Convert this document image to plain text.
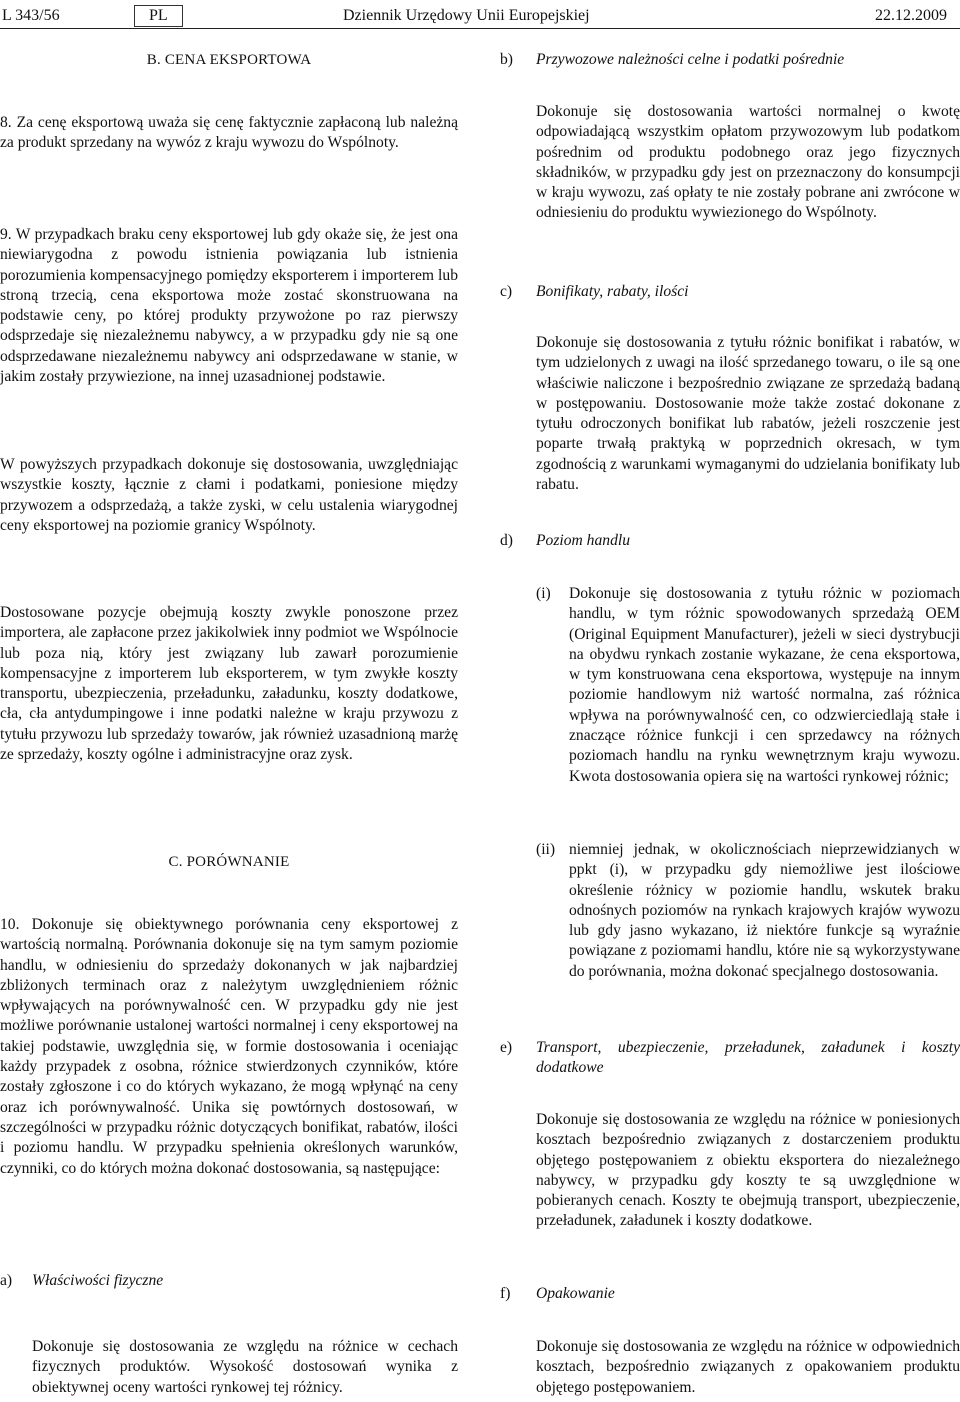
L 343/56	PL	Dziennik Urzędowy Unii Europejskiej	22.12.2009

B. CENA EKSPORTOWA

8. Za cenę eksportową uważa się cenę faktycznie zapłaconą lub należną za produkt sprzedany na wywóz z kraju wywozu do Wspólnoty.

9. W przypadkach braku ceny eksportowej lub gdy okaże się, że jest ona niewiarygodna z powodu istnienia powiązania lub istnienia porozumienia kompensacyjnego pomiędzy eksporterem i importerem lub stroną trzecią, cena eksportowa może zostać skonstruowana na podstawie ceny, po której produkty przywożone po raz pierwszy odsprzedaje się niezależnemu nabywcy, a w przypadku gdy nie są one odsprzedawane niezależnemu nabywcy ani odsprzedawane w stanie, w jakim zostały przywiezione, na innej uzasadnionej podstawie.

W powyższych przypadkach dokonuje się dostosowania, uwzględniając wszystkie koszty, łącznie z cłami i podatkami, poniesione między przywozem a odsprzedażą, a także zyski, w celu ustalenia wiarygodnej ceny eksportowej na poziomie granicy Wspólnoty.

Dostosowane pozycje obejmują koszty zwykle ponoszone przez importera, ale zapłacone przez jakikolwiek inny podmiot we Wspólnocie lub poza nią, który jest związany lub zawarł porozumienie kompensacyjne z importerem lub eksporterem, w tym zwykłe koszty transportu, ubezpieczenia, przeładunku, załadunku, koszty dodatkowe, cła, cła antydumpingowe i inne podatki należne w kraju przywozu z tytułu przywozu lub sprzedaży towarów, jak również uzasadnioną marżę ze sprzedaży, koszty ogólne i administracyjne oraz zysk.

C. PORÓWNANIE

10. Dokonuje się obiektywnego porównania ceny eksportowej z wartością normalną. Porównania dokonuje się na tym samym poziomie handlu, w odniesieniu do sprzedaży dokonanych w jak najbardziej zbliżonych terminach oraz z należytym uwzględnieniem różnic wpływających na porównywalność cen. W przypadku gdy nie jest możliwe porównanie ustalonej wartości normalnej i ceny eksportowej na takiej podstawie, uwzględnia się, w formie dostosowania i oceniając każdy przypadek z osobna, różnice stwierdzonych czynników, które zostały zgłoszone i co do których wykazano, że mogą wpłynąć na ceny oraz ich porównywalność. Unika się powtórnych dostosowań, w szczególności w przypadku różnic dotyczących bonifikat, rabatów, ilości i poziomu handlu. W przypadku spełnienia określonych warunków, czynniki, co do których można dokonać dostosowania, są następujące:

a) Właściwości fizyczne

Dokonuje się dostosowania ze względu na różnice w cechach fizycznych produktów. Wysokość dostosowań wynika z obiektywnej oceny wartości rynkowej tej różnicy.

b) Przywozowe należności celne i podatki pośrednie

Dokonuje się dostosowania wartości normalnej o kwotę odpowiadającą wszystkim opłatom przywozowym lub podatkom pośrednim od produktu podobnego oraz jego fizycznych składników, w przypadku gdy jest on przeznaczony do konsumpcji w kraju wywozu, zaś opłaty te nie zostały pobrane ani zwrócone w odniesieniu do produktu wywiezionego do Wspólnoty.

c) Bonifikaty, rabaty, ilości

Dokonuje się dostosowania z tytułu różnic bonifikat i rabatów, w tym udzielonych z uwagi na ilość sprzedanego towaru, o ile są one właściwie naliczone i bezpośrednio związane ze sprzedażą badaną w postępowaniu. Dostosowanie może także zostać dokonane z tytułu odroczonych bonifikat lub rabatów, jeżeli roszczenie jest poparte trwałą praktyką w poprzednich okresach, w tym zgodnością z warunkami wymaganymi do udzielania bonifikaty lub rabatu.

d) Poziom handlu
(i)	Dokonuje się dostosowania z tytułu różnic w poziomach handlu, w tym różnic spowodowanych sprzedażą OEM (Original Equipment Manufacturer), jeżeli w sieci dystrybucji na obydwu rynkach zostanie wykazane, że cena eksportowa, w tym konstruowana cena eksportowa, występuje na innym poziomie handlowym niż wartość normalna, zaś różnica wpływa na porównywalność cen, co odzwierciedlają stałe i znaczące różnice funkcji i cen sprzedawcy na różnych poziomach handlu na rynku wewnętrznym kraju wywozu. Kwota dostosowania opiera się na wartości rynkowej różnic;

(ii) niemniej jednak, w okolicznościach nieprzewidzianych w ppkt (i), w przypadku gdy niemożliwe jest ilościowe określenie różnicy w poziomie handlu, wskutek braku odnośnych poziomów na rynkach krajowych krajów wywozu lub gdy jasno wykazano, iż niektóre funkcje są wyraźnie powiązane z poziomami handlu, które nie są wykorzystywane do porównania, można dokonać specjalnego dostosowania.

e) Transport, ubezpieczenie, przeładunek, załadunek i koszty dodatkowe

Dokonuje się dostosowania ze względu na różnice w poniesionych kosztach bezpośrednio związanych z dostarczeniem produktu objętego postępowaniem z obiektu eksportera do niezależnego nabywcy, w przypadku gdy koszty te są uwzględnione w pobieranych cenach. Koszty te obejmują transport, ubezpieczenie, przeładunek, załadunek i koszty dodatkowe.

f) Opakowanie

Dokonuje się dostosowania ze względu na różnice w odpowiednich kosztach, bezpośrednio związanych z opakowaniem produktu objętego postępowaniem.
